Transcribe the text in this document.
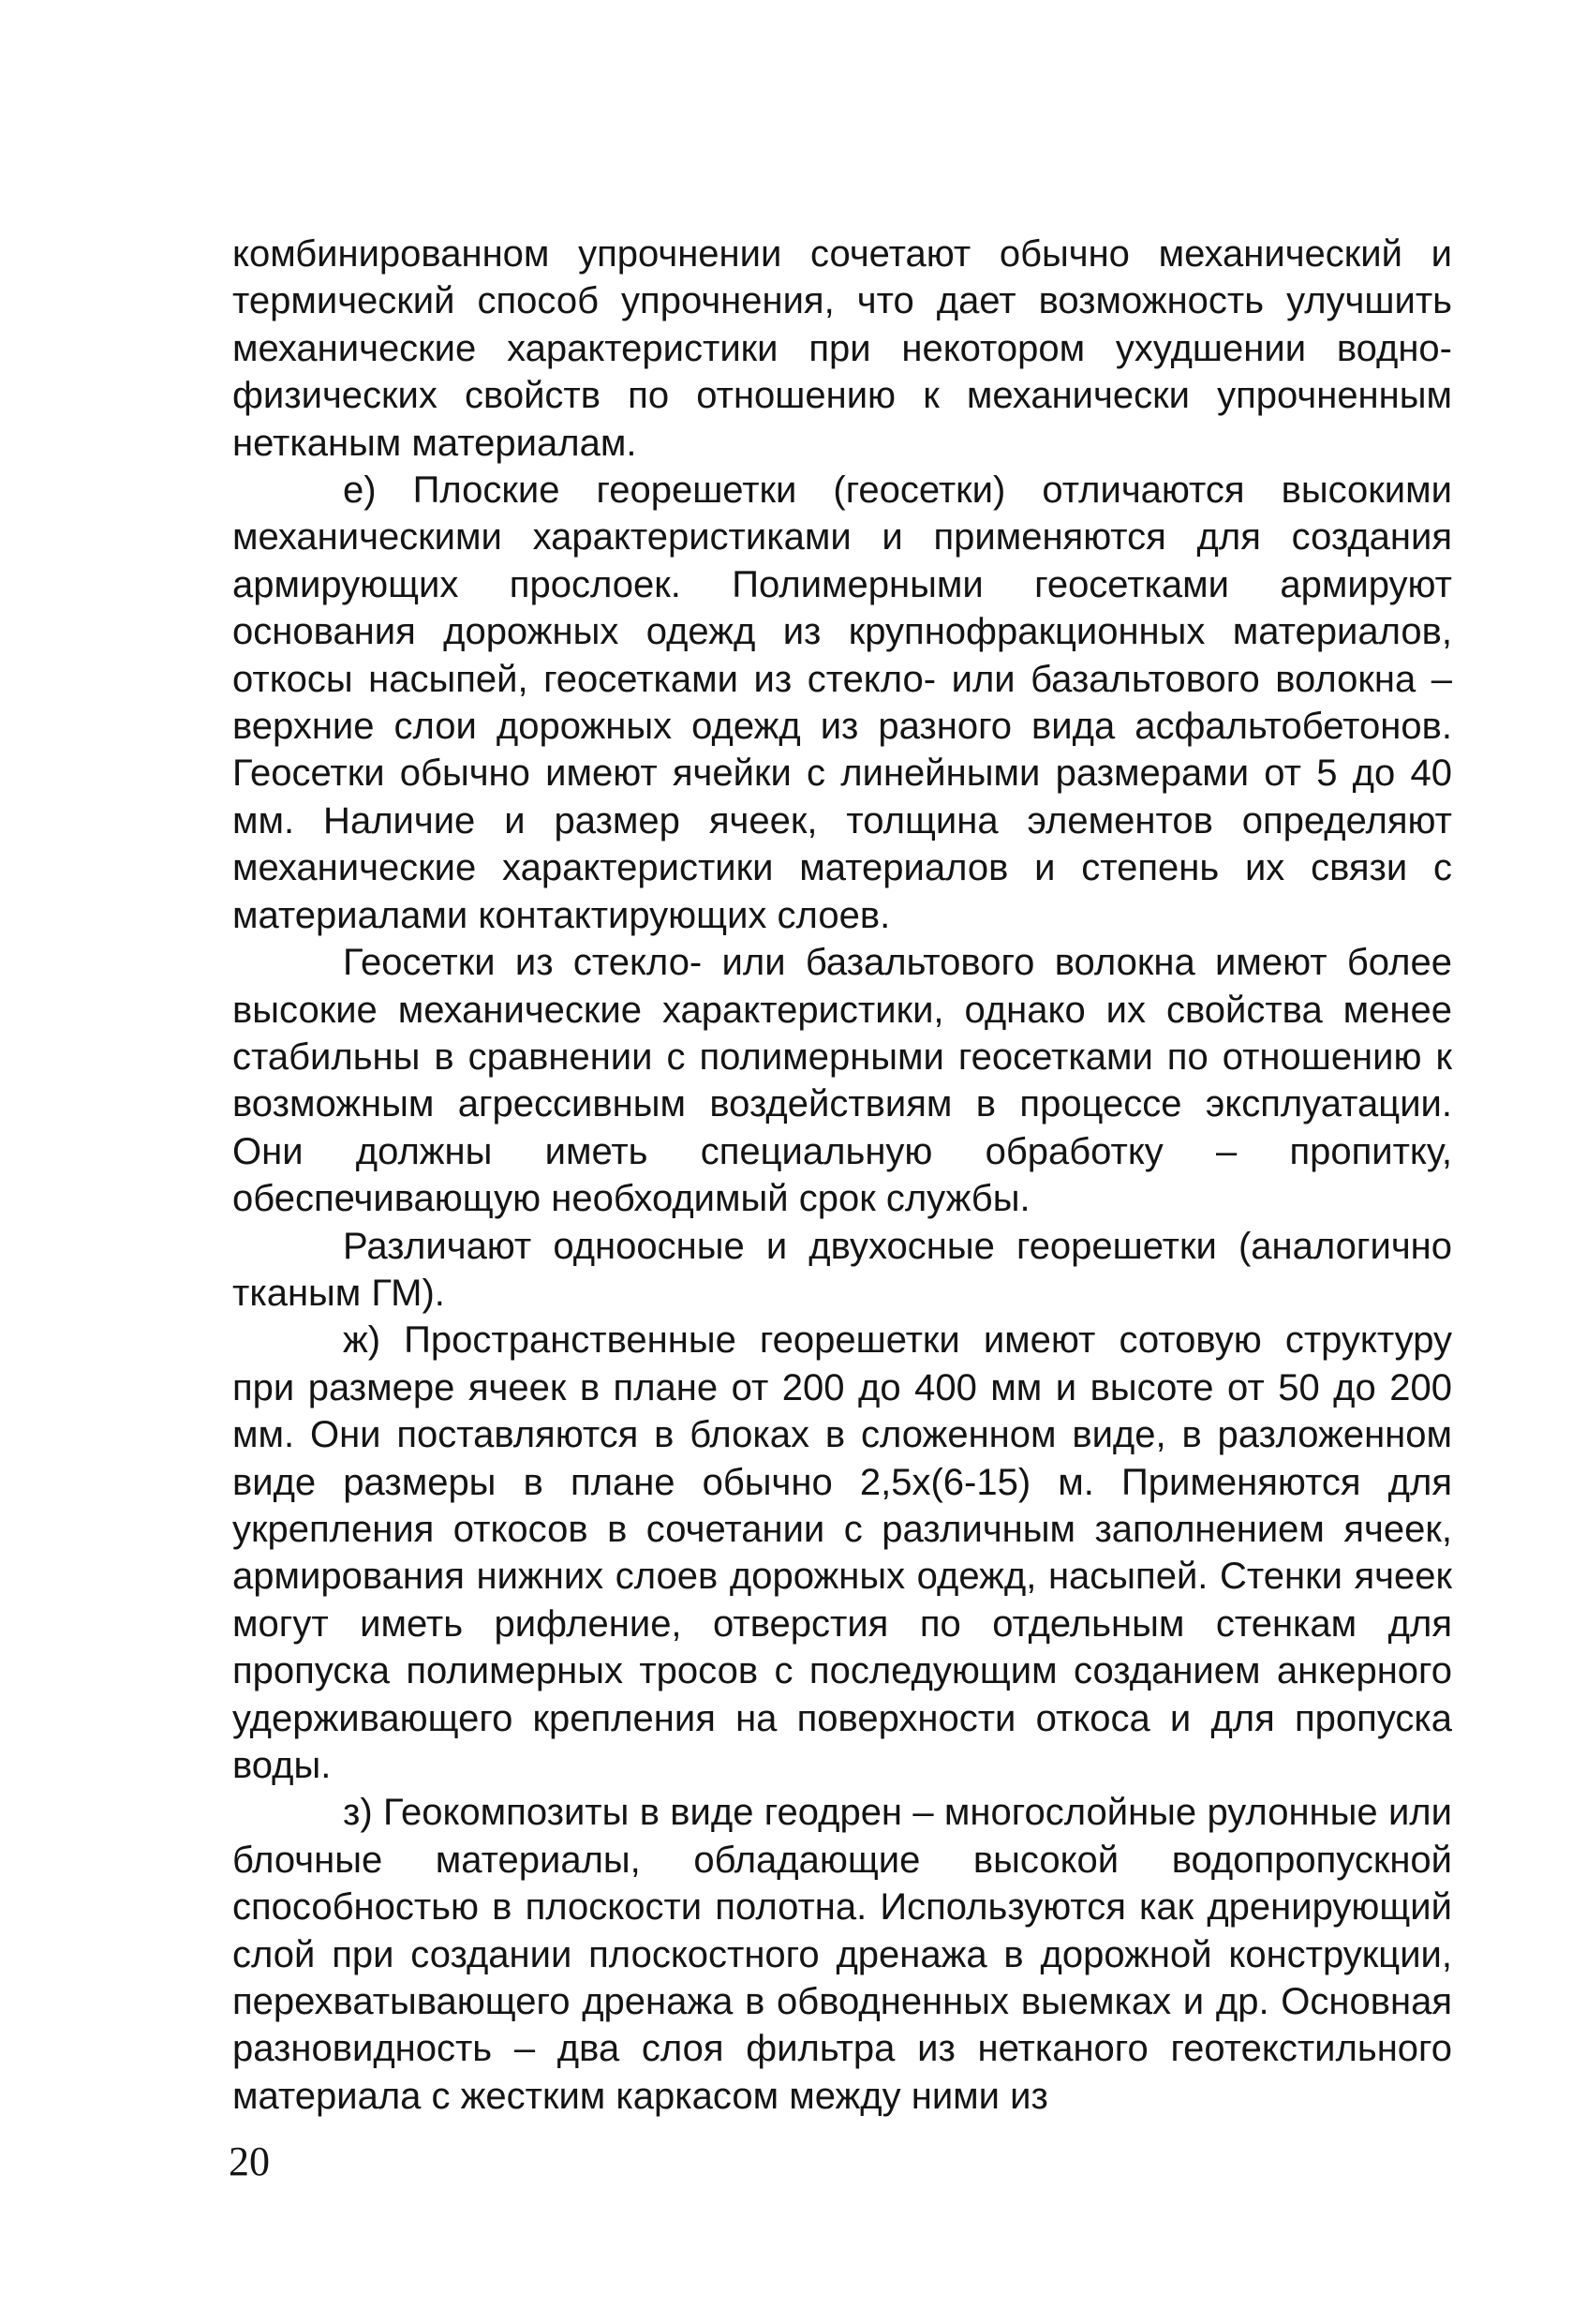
комбинированном упрочнении сочетают обычно механический и термический способ упрочнения, что дает возможность улучшить механические характеристики при некотором ухудшении водно-физических свойств по отношению к механически упрочненным нетканым материалам.

е) Плоские георешетки (геосетки) отличаются высокими механическими характеристиками и применяются для создания армирующих прослоек. Полимерными геосетками армируют основания дорожных одежд из крупнофракционных материалов, откосы насыпей, геосетками из стекло- или базальтового волокна – верхние слои дорожных одежд из разного вида асфальтобетонов. Геосетки обычно имеют ячейки с линейными размерами от 5 до 40 мм. Наличие и размер ячеек, толщина элементов определяют механические характеристики материалов и степень их связи с материалами контактирующих слоев.

Геосетки из стекло- или базальтового волокна имеют более высокие механические характеристики, однако их свойства менее стабильны в сравнении с полимерными геосетками по отношению к возможным агрессивным воздействиям в процессе эксплуатации. Они должны иметь специальную обработку – пропитку, обеспечивающую необходимый срок службы.

Различают одноосные и двухосные георешетки (аналогично тканым ГМ).

ж) Пространственные георешетки имеют сотовую структуру при размере ячеек в плане от 200 до 400 мм и высоте от 50 до 200 мм. Они поставляются в блоках в сложенном виде, в разложенном виде размеры в плане обычно 2,5х(6-15) м. Применяются для укрепления откосов в сочетании с различным заполнением ячеек, армирования нижних слоев дорожных одежд, насыпей. Стенки ячеек могут иметь рифление, отверстия по отдельным стенкам для пропуска полимерных тросов с последующим созданием анкерного удерживающего крепления на поверхности откоса и для пропуска воды.

з) Геокомпозиты в виде геодрен – многослойные рулонные или блочные материалы, обладающие высокой водопропускной способностью в плоскости полотна. Используются как дренирующий слой при создании плоскостного дренажа в дорожной конструкции, перехватывающего дренажа в обводненных выемках и др. Основная разновидность – два слоя фильтра из нетканого геотекстильного материала с жестким каркасом между ними из

20
